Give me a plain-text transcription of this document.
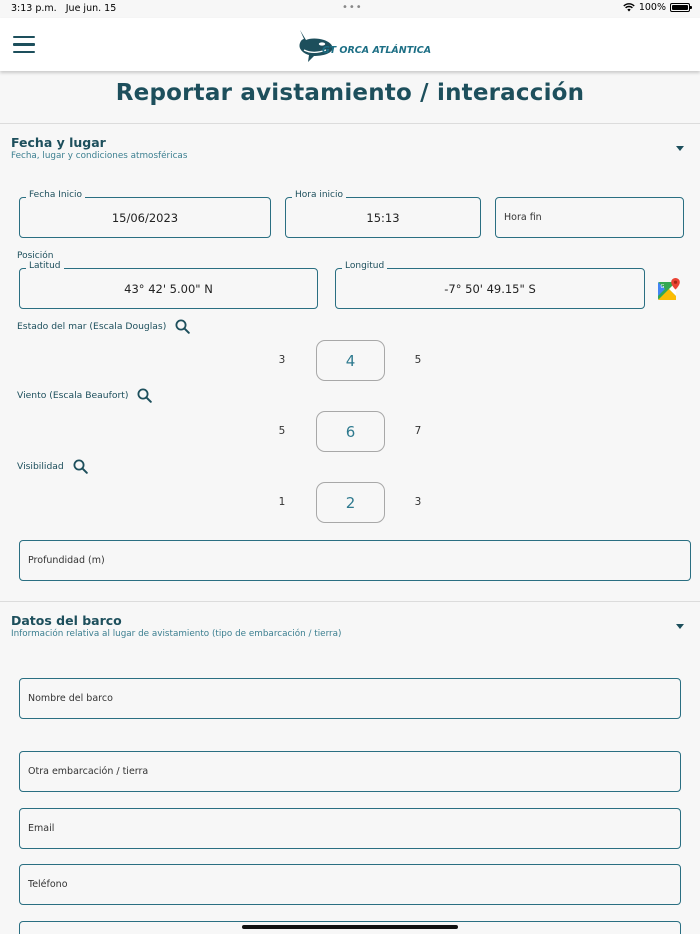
3:13 p.m. Jue jun. 15	•••	100%
GT ORCA ATLÁNTICA
Reportar avistamiento / interacción
Fecha y lugar
Fecha, lugar y condiciones atmosféricas
Fecha Inicio
15/06/2023
Hora inicio
15:13	Hora fin
Posición
Latitud
43° 42' 5.00" N
Longitud
-7° 50' 49.15" S	G
Estado del mar (Escala Douglas)
3	4	5
Viento (Escala Beaufort)
5	6	7
Visibilidad
1	2	3
Profundidad (m)
Datos del barco
Información relativa al lugar de avistamiento (tipo de embarcación / tierra)
Nombre del barco
Otra embarcación / tierra
Email
Teléfono
